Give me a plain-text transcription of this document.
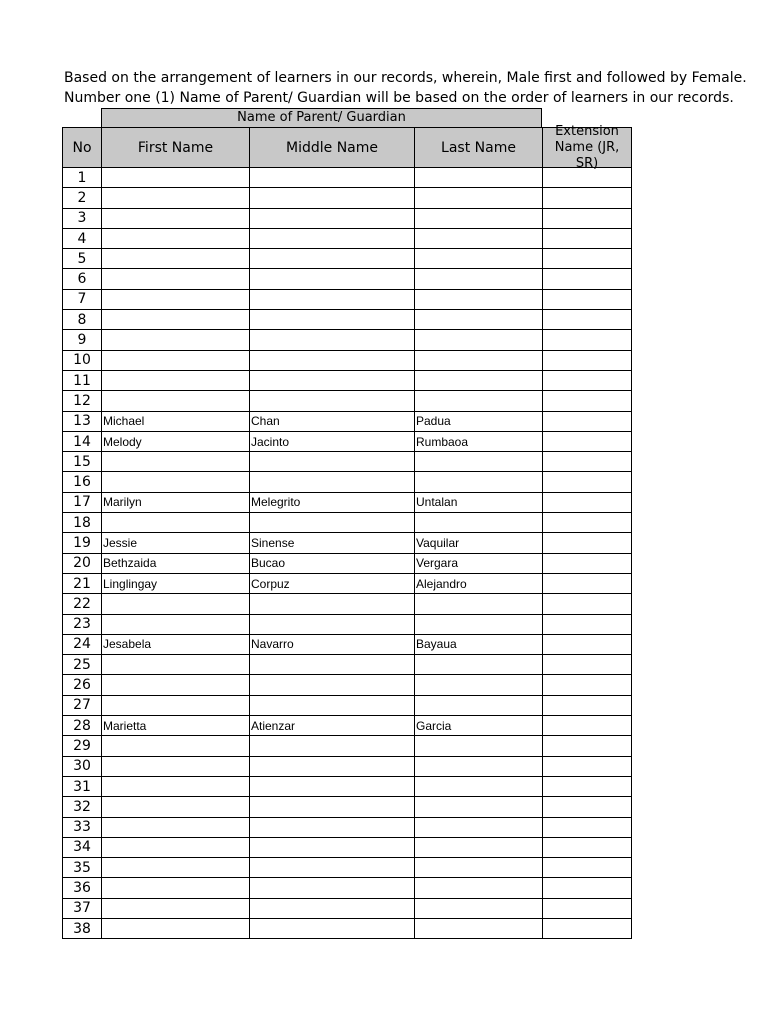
Based on the arrangement of learners in our records, wherein, Male first and followed by Female.
Number one (1) Name of Parent/ Guardian will be based on the order of learners in our records.
Name of Parent/ Guardian
No	First Name	Middle Name	Last Name	Extension Name (JR, SR)

1				
2				
3				
4				
5				
6				
7				
8				
9				
10				
11				
12				
13	Michael	Chan	Padua	
14	Melody	Jacinto	Rumbaoa	
15				
16				
17	Marilyn	Melegrito	Untalan	
18				
19	Jessie	Sinense	Vaquilar	
20	Bethzaida	Bucao	Vergara	
21	Linglingay	Corpuz	Alejandro	
22				
23				
24	Jesabela	Navarro	Bayaua	
25				
26				
27				
28	Marietta	Atienzar	Garcia	
29				
30				
31				
32				
33				
34				
35				
36				
37				
38				
